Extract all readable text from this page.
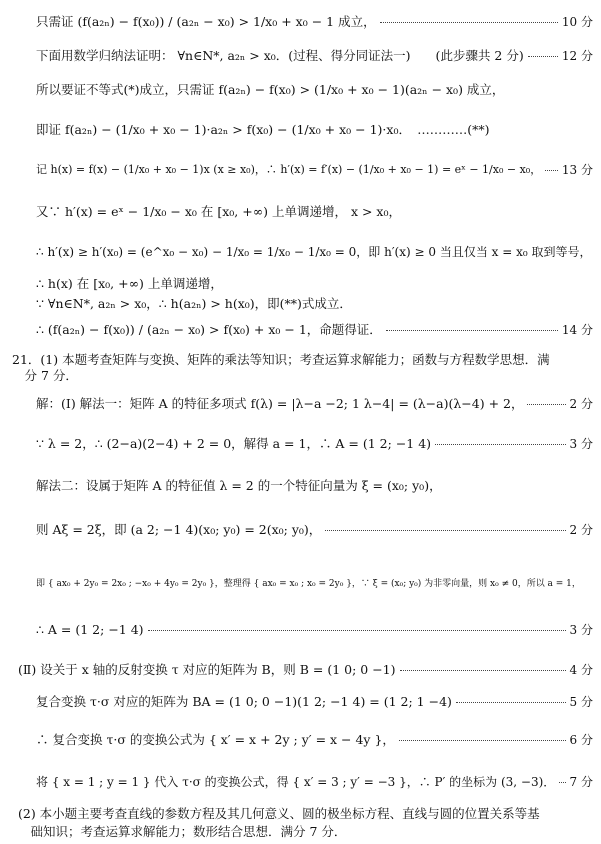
只需证 (f(a₂ₙ) − f(x₀)) / (a₂ₙ − x₀) > 1/x₀ + x₀ − 1 成立，	10 分
下面用数学归纳法证明： ∀n∈N*, a₂ₙ > x₀．(过程、得分同证法一)　　(此步骤共 2 分)	12 分
所以要证不等式(*)成立，只需证 f(a₂ₙ) − f(x₀) > (1/x₀ + x₀ − 1)(a₂ₙ − x₀) 成立，
即证 f(a₂ₙ) − (1/x₀ + x₀ − 1)·a₂ₙ > f(x₀) − (1/x₀ + x₀ − 1)·x₀．　…………(**)
记 h(x) = f(x) − (1/x₀ + x₀ − 1)x (x ≥ x₀)，∴ h′(x) = f′(x) − (1/x₀ + x₀ − 1) = eˣ − 1/x₀ − x₀， 13 分
又∵ h′(x) = eˣ − 1/x₀ − x₀ 在 [x₀, +∞) 上单调递增， x > x₀，
∴ h′(x) ≥ h′(x₀) = (e^x₀ − x₀) − 1/x₀ = 1/x₀ − 1/x₀ = 0，即 h′(x) ≥ 0 当且仅当 x = x₀ 取到等号，
∴ h(x) 在 [x₀, +∞) 上单调递增，
∵ ∀n∈N*, a₂ₙ > x₀，∴ h(a₂ₙ) > h(x₀)，即(**)式成立．
∴ (f(a₂ₙ) − f(x₀)) / (a₂ₙ − x₀) > f(x₀) + x₀ − 1，命题得证．	14 分
21．(1) 本题考查矩阵与变换、矩阵的乘法等知识；考查运算求解能力；函数与方程数学思想．满
　分 7 分．
解：(Ⅰ) 解法一：矩阵 A 的特征多项式 f(λ) = |λ−a −2; 1 λ−4| = (λ−a)(λ−4) + 2，	2 分
∵ λ = 2，∴ (2−a)(2−4) + 2 = 0，解得 a = 1，∴ A = (1 2; −1 4)	3 分
解法二：设属于矩阵 A 的特征值 λ = 2 的一个特征向量为 ξ = (x₀; y₀)，
则 Aξ = 2ξ，即 (a 2; −1 4)(x₀; y₀) = 2(x₀; y₀)，	2 分
即 { ax₀ + 2y₀ = 2x₀ ; −x₀ + 4y₀ = 2y₀ }，整理得 { ax₀ = x₀ ; x₀ = 2y₀ }，∵ ξ = (x₀; y₀) 为非零向量，则 x₀ ≠ 0，所以 a = 1，
∴ A = (1 2; −1 4)	3 分
(Ⅱ) 设关于 x 轴的反射变换 τ 对应的矩阵为 B，则 B = (1 0; 0 −1)	4 分
复合变换 τ·σ 对应的矩阵为 BA = (1 0; 0 −1)(1 2; −1 4) = (1 2; 1 −4)	5 分
∴ 复合变换 τ·σ 的变换公式为 { x′ = x + 2y ; y′ = x − 4y }，	6 分
将 { x = 1 ; y = 1 } 代入 τ·σ 的变换公式，得 { x′ = 3 ; y′ = −3 }，∴ P′ 的坐标为 (3, −3)． 7 分
(2) 本小题主要考查直线的参数方程及其几何意义、圆的极坐标方程、直线与圆的位置关系等基
　础知识；考查运算求解能力；数形结合思想．满分 7 分．
